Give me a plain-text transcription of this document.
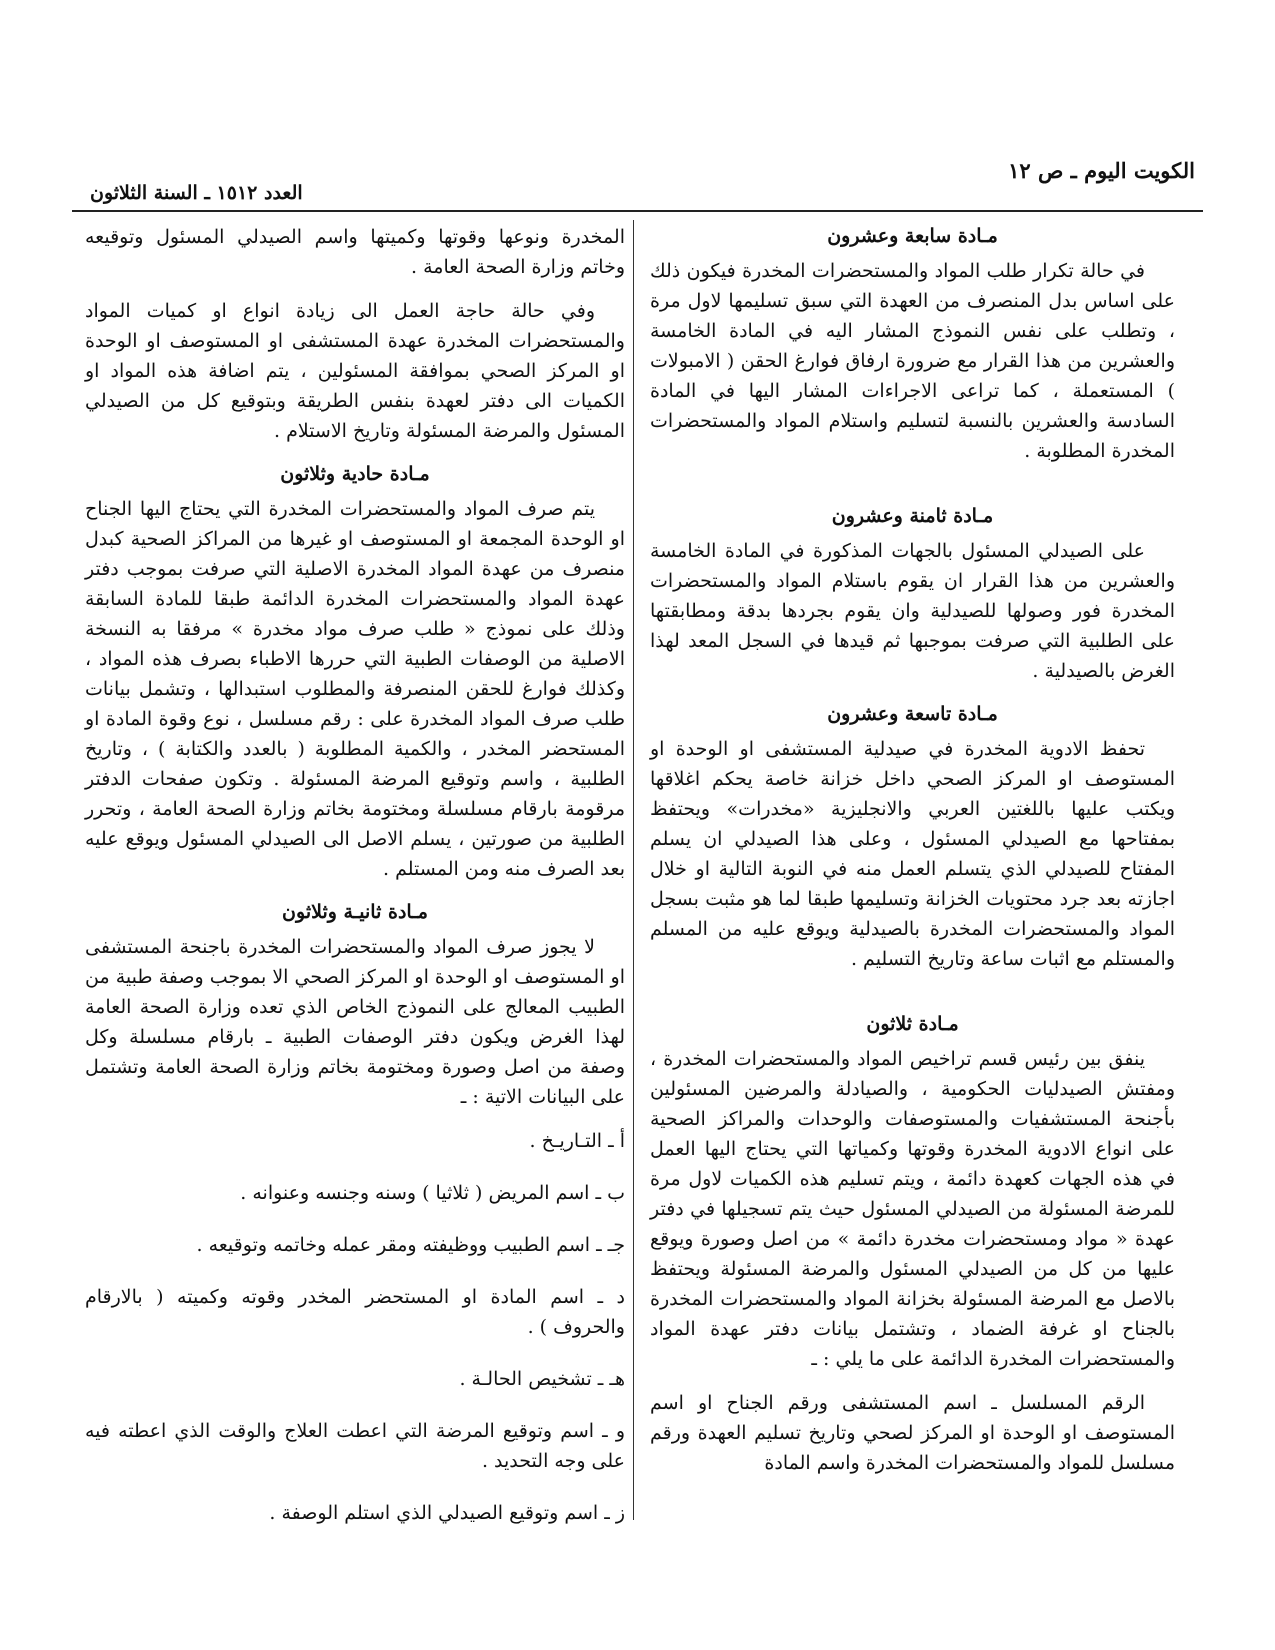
الكويت اليوم ـ ص ١٢
العدد ١٥١٢ ـ السنة الثلاثون
مـادة سابعة وعشرون

في حالة تكرار طلب المواد والمستحضرات المخدرة فيكون ذلك على اساس بدل المنصرف من العهدة التي سبق تسليمها لاول مرة ، وتطلب على نفس النموذج المشار اليه في المادة الخامسة والعشرين من هذا القرار مع ضرورة ارفاق فوارغ الحقن ( الامبولات ) المستعملة ، كما تراعى الاجراءات المشار اليها في المادة السادسة والعشرين بالنسبة لتسليم واستلام المواد والمستحضرات المخدرة المطلوبة .

مـادة ثامنة وعشرون

على الصيدلي المسئول بالجهات المذكورة في المادة الخامسة والعشرين من هذا القرار ان يقوم باستلام المواد والمستحضرات المخدرة فور وصولها للصيدلية وان يقوم بجردها بدقة ومطابقتها على الطلبية التي صرفت بموجبها ثم قيدها في السجل المعد لهذا الغرض بالصيدلية .

مـادة تاسعة وعشرون

تحفظ الادوية المخدرة في صيدلية المستشفى او الوحدة او المستوصف او المركز الصحي داخل خزانة خاصة يحكم اغلاقها ويكتب عليها باللغتين العربي والانجليزية «مخدرات» ويحتفظ بمفتاحها مع الصيدلي المسئول ، وعلى هذا الصيدلي ان يسلم المفتاح للصيدلي الذي يتسلم العمل منه في النوبة التالية او خلال اجازته بعد جرد محتويات الخزانة وتسليمها طبقا لما هو مثبت بسجل المواد والمستحضرات المخدرة بالصيدلية ويوقع عليه من المسلم والمستلم مع اثبات ساعة وتاريخ التسليم .

مـادة ثلاثون

ينفق بين رئيس قسم تراخيص المواد والمستحضرات المخدرة ، ومفتش الصيدليات الحكومية ، والصيادلة والمرضين المسئولين بأجنحة المستشفيات والمستوصفات والوحدات والمراكز الصحية على انواع الادوية المخدرة وقوتها وكمياتها التي يحتاج اليها العمل في هذه الجهات كعهدة دائمة ، ويتم تسليم هذه الكميات لاول مرة للمرضة المسئولة من الصيدلي المسئول حيث يتم تسجيلها في دفتر عهدة « مواد ومستحضرات مخدرة دائمة » من اصل وصورة ويوقع عليها من كل من الصيدلي المسئول والمرضة المسئولة ويحتفظ بالاصل مع المرضة المسئولة بخزانة المواد والمستحضرات المخدرة بالجناح او غرفة الضماد ، وتشتمل بيانات دفتر عهدة المواد والمستحضرات المخدرة الدائمة على ما يلي : ـ

الرقم المسلسل ـ اسم المستشفى ورقم الجناح او اسم المستوصف او الوحدة او المركز لصحي وتاريخ تسليم العهدة ورقم مسلسل للمواد والمستحضرات المخدرة واسم المادة

المخدرة ونوعها وقوتها وكميتها واسم الصيدلي المسئول وتوقيعه وخاتم وزارة الصحة العامة .

وفي حالة حاجة العمل الى زيادة انواع او كميات المواد والمستحضرات المخدرة عهدة المستشفى او المستوصف او الوحدة او المركز الصحي بموافقة المسئولين ، يتم اضافة هذه المواد او الكميات الى دفتر لعهدة بنفس الطريقة وبتوقيع كل من الصيدلي المسئول والمرضة المسئولة وتاريخ الاستلام .

مـادة حادية وثلاثون

يتم صرف المواد والمستحضرات المخدرة التي يحتاج اليها الجناح او الوحدة المجمعة او المستوصف او غيرها من المراكز الصحية كبدل منصرف من عهدة المواد المخدرة الاصلية التي صرفت بموجب دفتر عهدة المواد والمستحضرات المخدرة الدائمة طبقا للمادة السابقة وذلك على نموذج « طلب صرف مواد مخدرة » مرفقا به النسخة الاصلية من الوصفات الطبية التي حررها الاطباء بصرف هذه المواد ، وكذلك فوارغ للحقن المنصرفة والمطلوب استبدالها ، وتشمل بيانات طلب صرف المواد المخدرة على : رقم مسلسل ، نوع وقوة المادة او المستحضر المخدر ، والكمية المطلوبة ( بالعدد والكتابة ) ، وتاريخ الطلبية ، واسم وتوقيع المرضة المسئولة . وتكون صفحات الدفتر مرقومة بارقام مسلسلة ومختومة بخاتم وزارة الصحة العامة ، وتحرر الطلبية من صورتين ، يسلم الاصل الى الصيدلي المسئول ويوقع عليه بعد الصرف منه ومن المستلم .

مـادة ثانيـة وثلاثون

لا يجوز صرف المواد والمستحضرات المخدرة باجنحة المستشفى او المستوصف او الوحدة او المركز الصحي الا بموجب وصفة طبية من الطبيب المعالج على النموذج الخاص الذي تعده وزارة الصحة العامة لهذا الغرض ويكون دفتر الوصفات الطبية ـ بارقام مسلسلة وكل وصفة من اصل وصورة ومختومة بخاتم وزارة الصحة العامة وتشتمل على البيانات الاتية : ـ

أ ـ التـاريـخ .

ب ـ اسم المريض ( ثلاثيا ) وسنه وجنسه وعنوانه .

جـ ـ اسم الطبيب ووظيفته ومقر عمله وخاتمه وتوقيعه .

د ـ اسم المادة او المستحضر المخدر وقوته وكميته ( بالارقام والحروف ) .

هـ ـ تشخيص الحالـة .

و ـ اسم وتوقيع المرضة التي اعطت العلاج والوقت الذي اعطته فيه على وجه التحديد .

ز ـ اسم وتوقيع الصيدلي الذي استلم الوصفة .
